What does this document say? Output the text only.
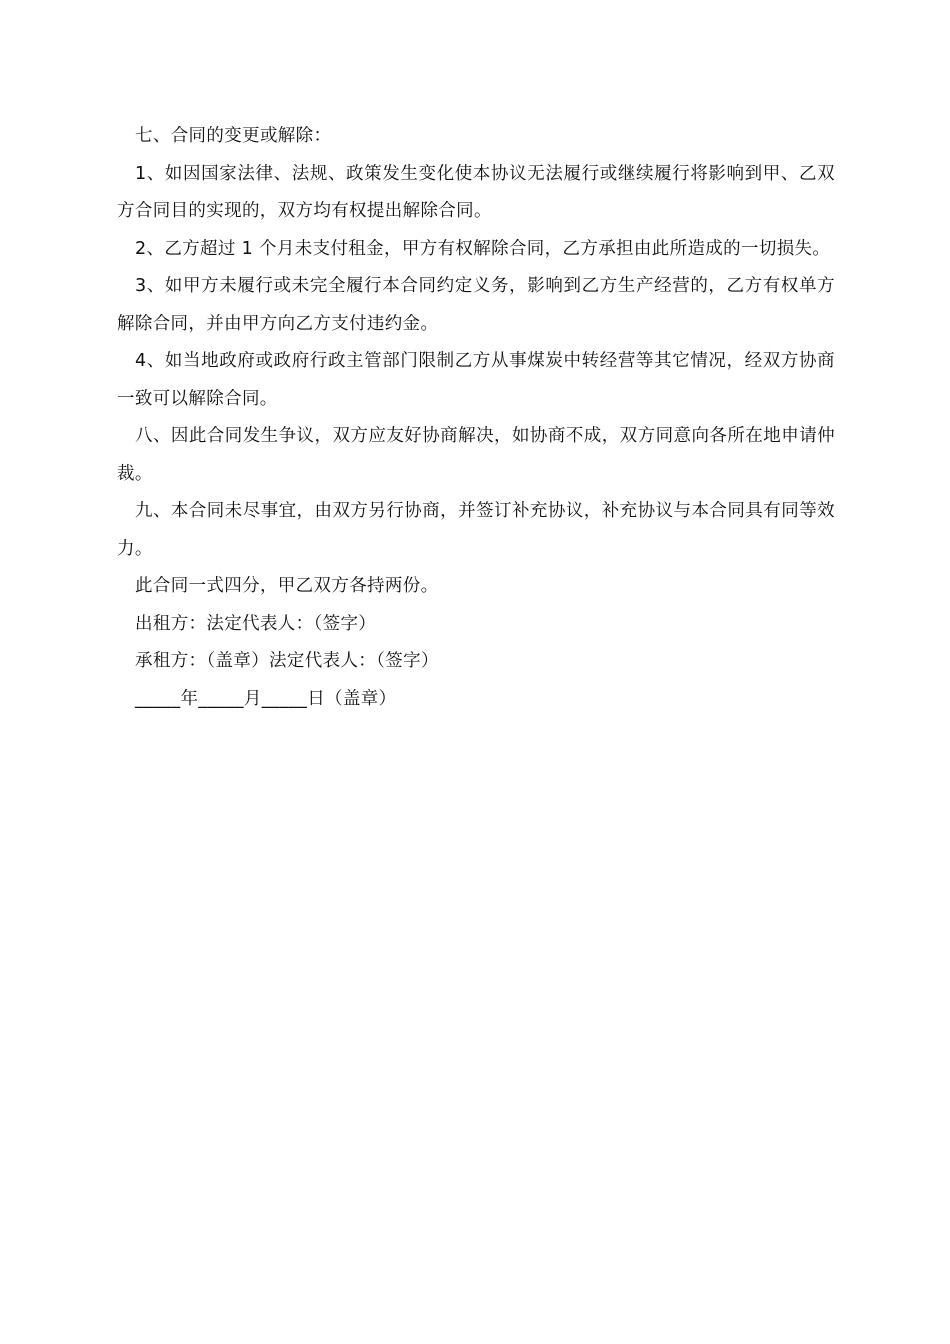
七、合同的变更或解除：

1、如因国家法律、法规、政策发生变化使本协议无法履行或继续履行将影响到甲、乙双方合同目的实现的，双方均有权提出解除合同。

2、乙方超过 1 个月未支付租金，甲方有权解除合同，乙方承担由此所造成的一切损失。

3、如甲方未履行或未完全履行本合同约定义务，影响到乙方生产经营的，乙方有权单方解除合同，并由甲方向乙方支付违约金。

4、如当地政府或政府行政主管部门限制乙方从事煤炭中转经营等其它情况，经双方协商一致可以解除合同。

八、因此合同发生争议，双方应友好协商解决，如协商不成，双方同意向各所在地申请仲裁。

九、本合同未尽事宜，由双方另行协商，并签订补充协议，补充协议与本合同具有同等效力。

此合同一式四分，甲乙双方各持两份。

出租方：法定代表人：（签字）

承租方：（盖章）法定代表人：（签字）

_____年_____月_____日（盖章）
